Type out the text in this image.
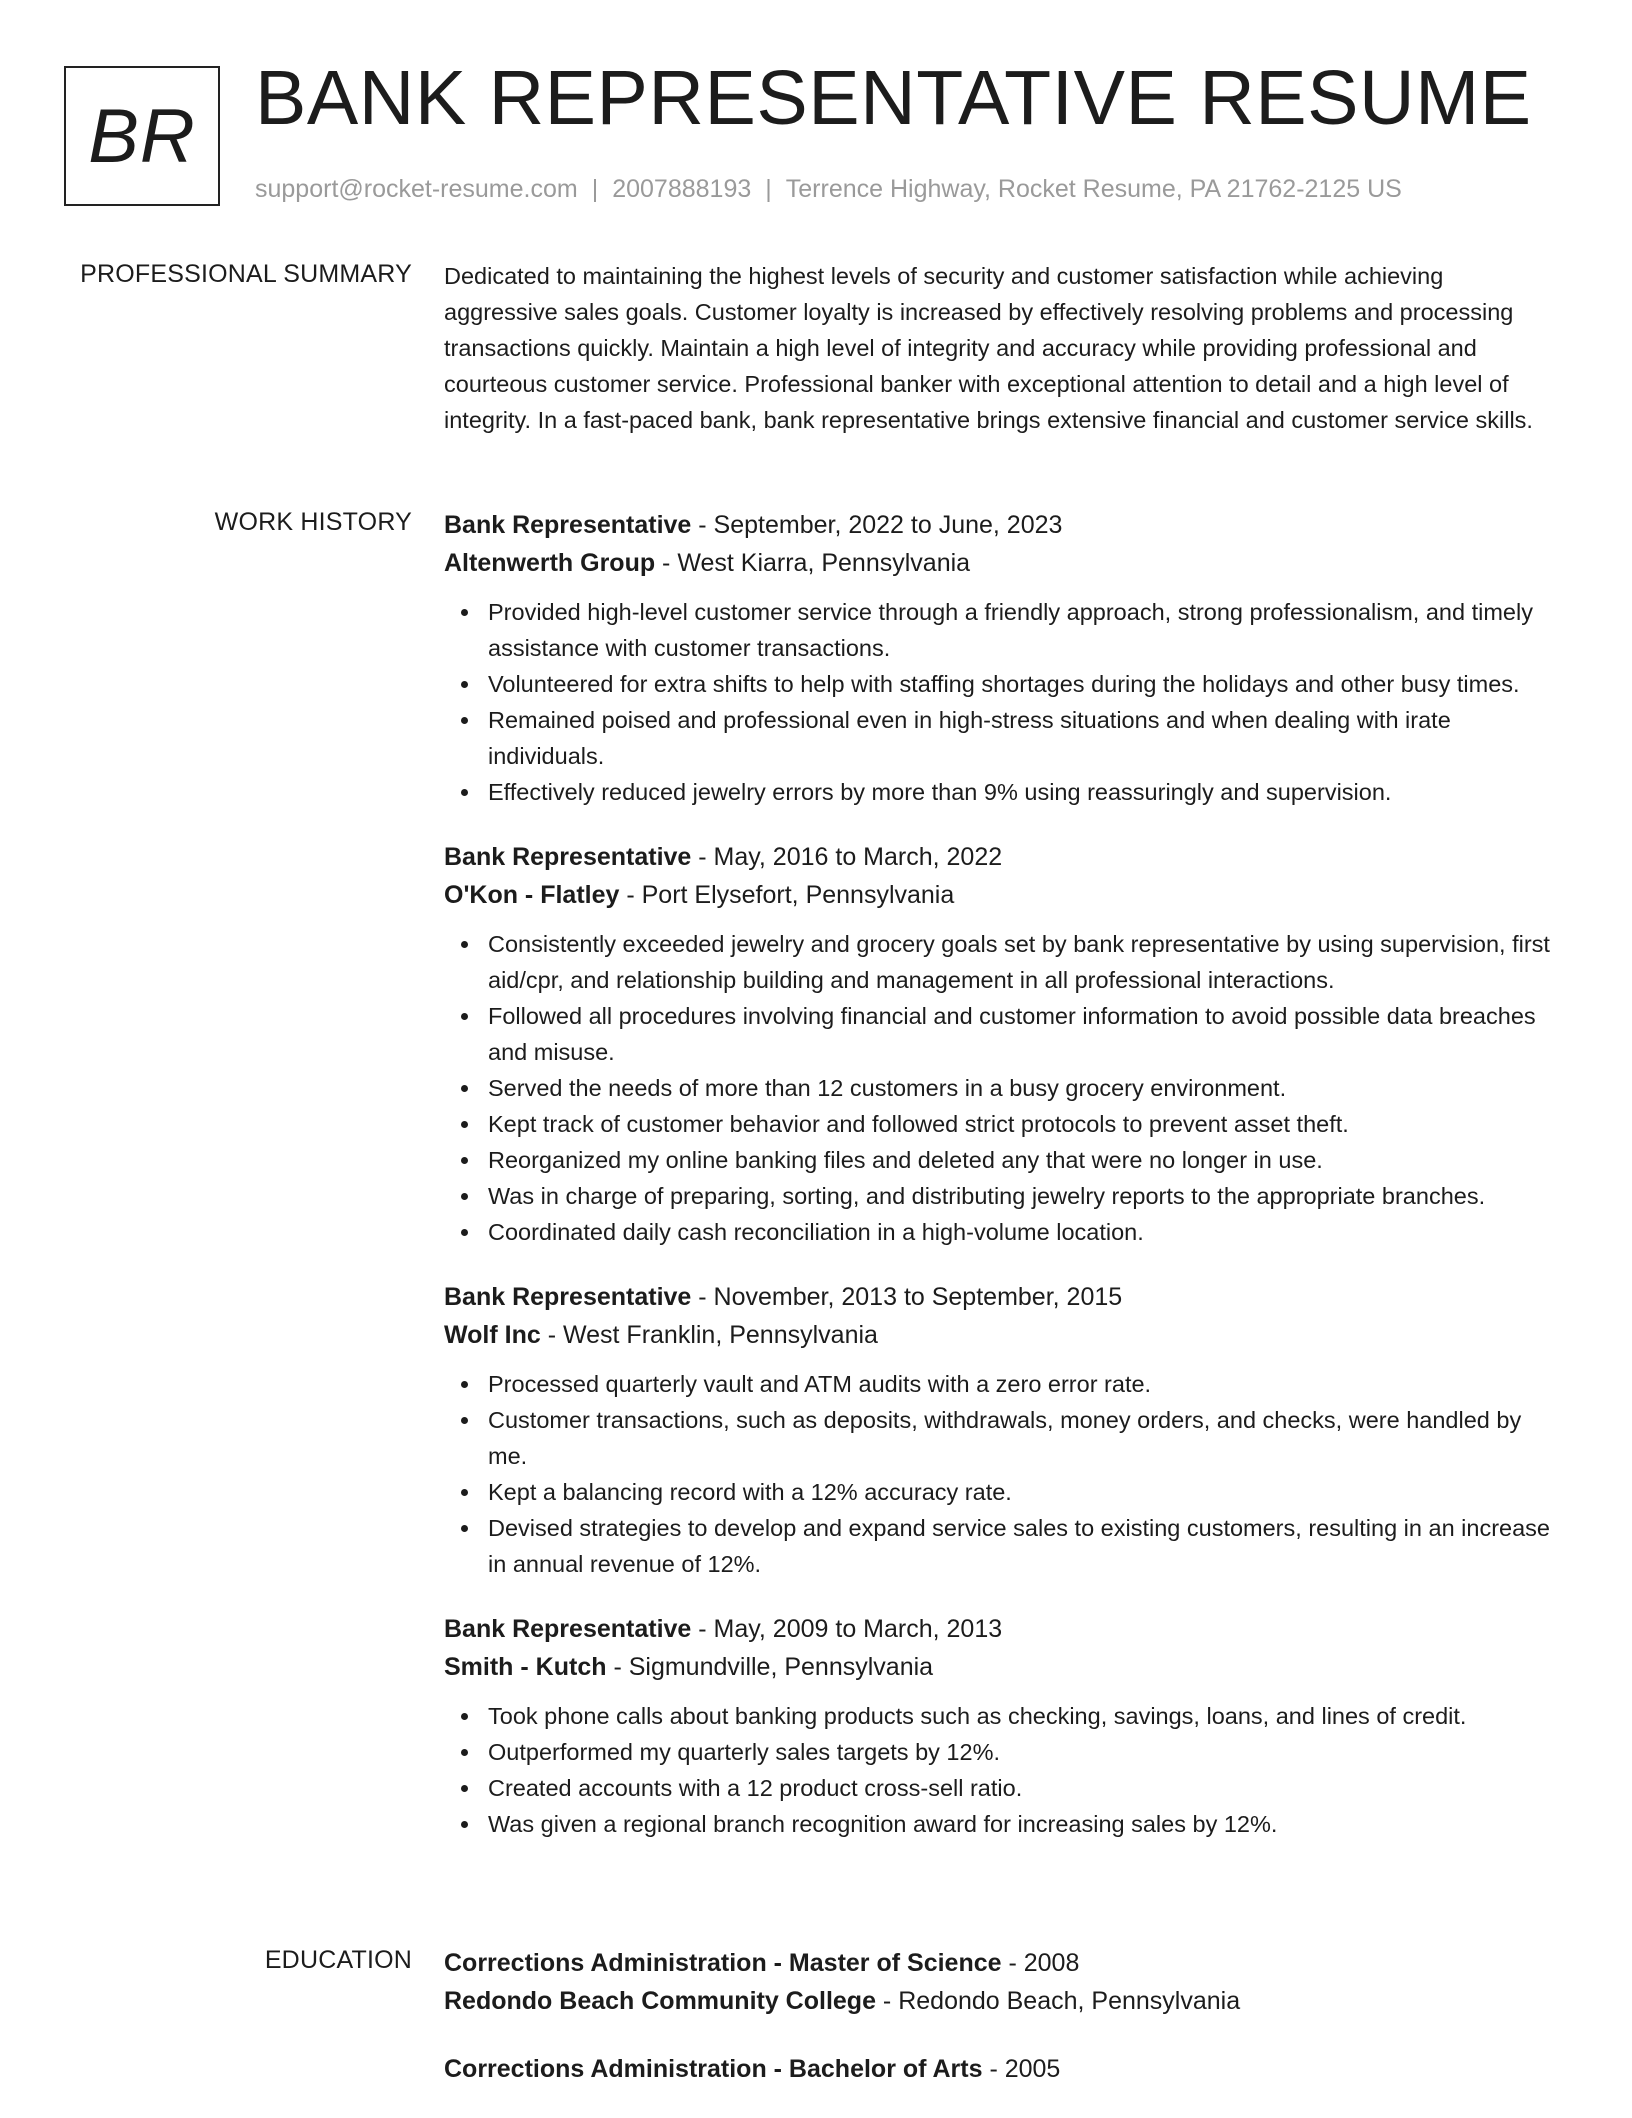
BR BANK REPRESENTATIVE RESUME
support@rocket-resume.com | 2007888193 | Terrence Highway, Rocket Resume, PA 21762-2125 US
PROFESSIONAL SUMMARY Dedicated to maintaining the highest levels of security and customer satisfaction while achieving aggressive sales goals. Customer loyalty is increased by effectively resolving problems and processing transactions quickly. Maintain a high level of integrity and accuracy while providing professional and courteous customer service. Professional banker with exceptional attention to detail and a high level of integrity. In a fast-paced bank, bank representative brings extensive financial and customer service skills.

WORK HISTORY Bank Representative - September, 2022 to June, 2023
Altenwerth Group - West Kiarra, Pennsylvania
Provided high-level customer service through a friendly approach, strong professionalism, and timely assistance with customer transactions.
Volunteered for extra shifts to help with staffing shortages during the holidays and other busy times.
Remained poised and professional even in high-stress situations and when dealing with irate individuals.
Effectively reduced jewelry errors by more than 9% using reassuringly and supervision.
Bank Representative - May, 2016 to March, 2022
O'Kon - Flatley - Port Elysefort, Pennsylvania
Consistently exceeded jewelry and grocery goals set by bank representative by using supervision, first aid/cpr, and relationship building and management in all professional interactions.
Followed all procedures involving financial and customer information to avoid possible data breaches and misuse.
Served the needs of more than 12 customers in a busy grocery environment.
Kept track of customer behavior and followed strict protocols to prevent asset theft.
Reorganized my online banking files and deleted any that were no longer in use.
Was in charge of preparing, sorting, and distributing jewelry reports to the appropriate branches.
Coordinated daily cash reconciliation in a high-volume location.
Bank Representative - November, 2013 to September, 2015
Wolf Inc - West Franklin, Pennsylvania
Processed quarterly vault and ATM audits with a zero error rate.
Customer transactions, such as deposits, withdrawals, money orders, and checks, were handled by me.
Kept a balancing record with a 12% accuracy rate.
Devised strategies to develop and expand service sales to existing customers, resulting in an increase in annual revenue of 12%.
Bank Representative - May, 2009 to March, 2013
Smith - Kutch - Sigmundville, Pennsylvania
Took phone calls about banking products such as checking, savings, loans, and lines of credit.
Outperformed my quarterly sales targets by 12%.
Created accounts with a 12 product cross-sell ratio.
Was given a regional branch recognition award for increasing sales by 12%.
EDUCATION Corrections Administration - Master of Science - 2008
Redondo Beach Community College - Redondo Beach, Pennsylvania
Corrections Administration - Bachelor of Arts - 2005
